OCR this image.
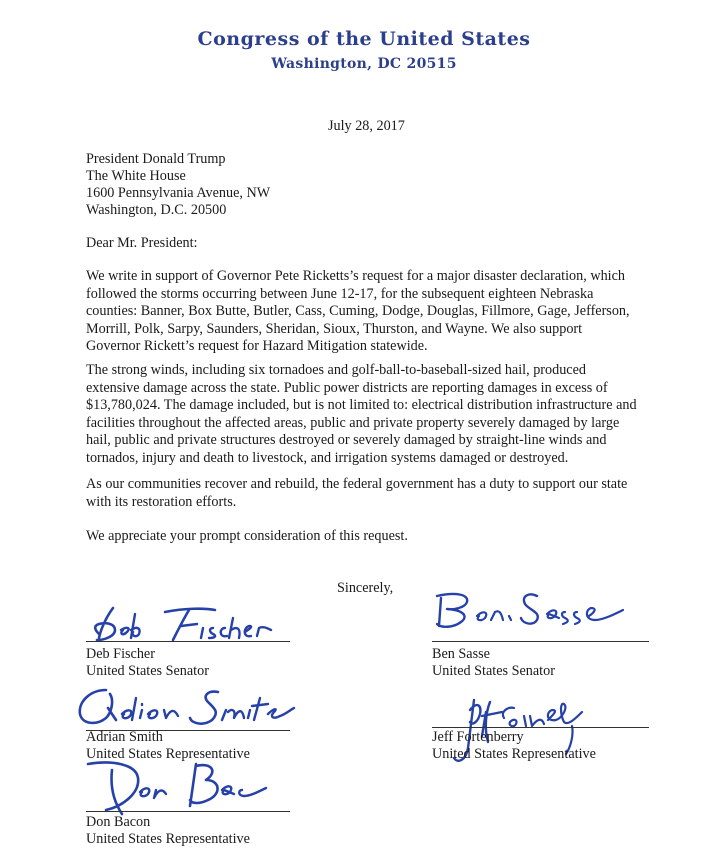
Congress of the United States
Washington, DC 20515
July 28, 2017
President Donald Trump
The White House
1600 Pennsylvania Avenue, NW
Washington, D.C. 20500
Dear Mr. President:
We write in support of Governor Pete Ricketts’s request for a major disaster declaration, which
followed the storms occurring between June 12-17, for the subsequent eighteen Nebraska
counties: Banner, Box Butte, Butler, Cass, Cuming, Dodge, Douglas, Fillmore, Gage, Jefferson,
Morrill, Polk, Sarpy, Saunders, Sheridan, Sioux, Thurston, and Wayne. We also support
Governor Rickett’s request for Hazard Mitigation statewide.
The strong winds, including six tornadoes and golf-ball-to-baseball-sized hail, produced
extensive damage across the state. Public power districts are reporting damages in excess of
$13,780,024. The damage included, but is not limited to: electrical distribution infrastructure and
facilities throughout the affected areas, public and private property severely damaged by large
hail, public and private structures destroyed or severely damaged by straight-line winds and
tornados, injury and death to livestock, and irrigation systems damaged or destroyed.
As our communities recover and rebuild, the federal government has a duty to support our state
with its restoration efforts.
We appreciate your prompt consideration of this request.
Sincerely,
Ben Sasse
United States Senator
Deb Fischer
United States Senator
Adrian Smith
United States Representative
Jeff Fortenberry
United States Representative
Don Bacon
United States Representative
